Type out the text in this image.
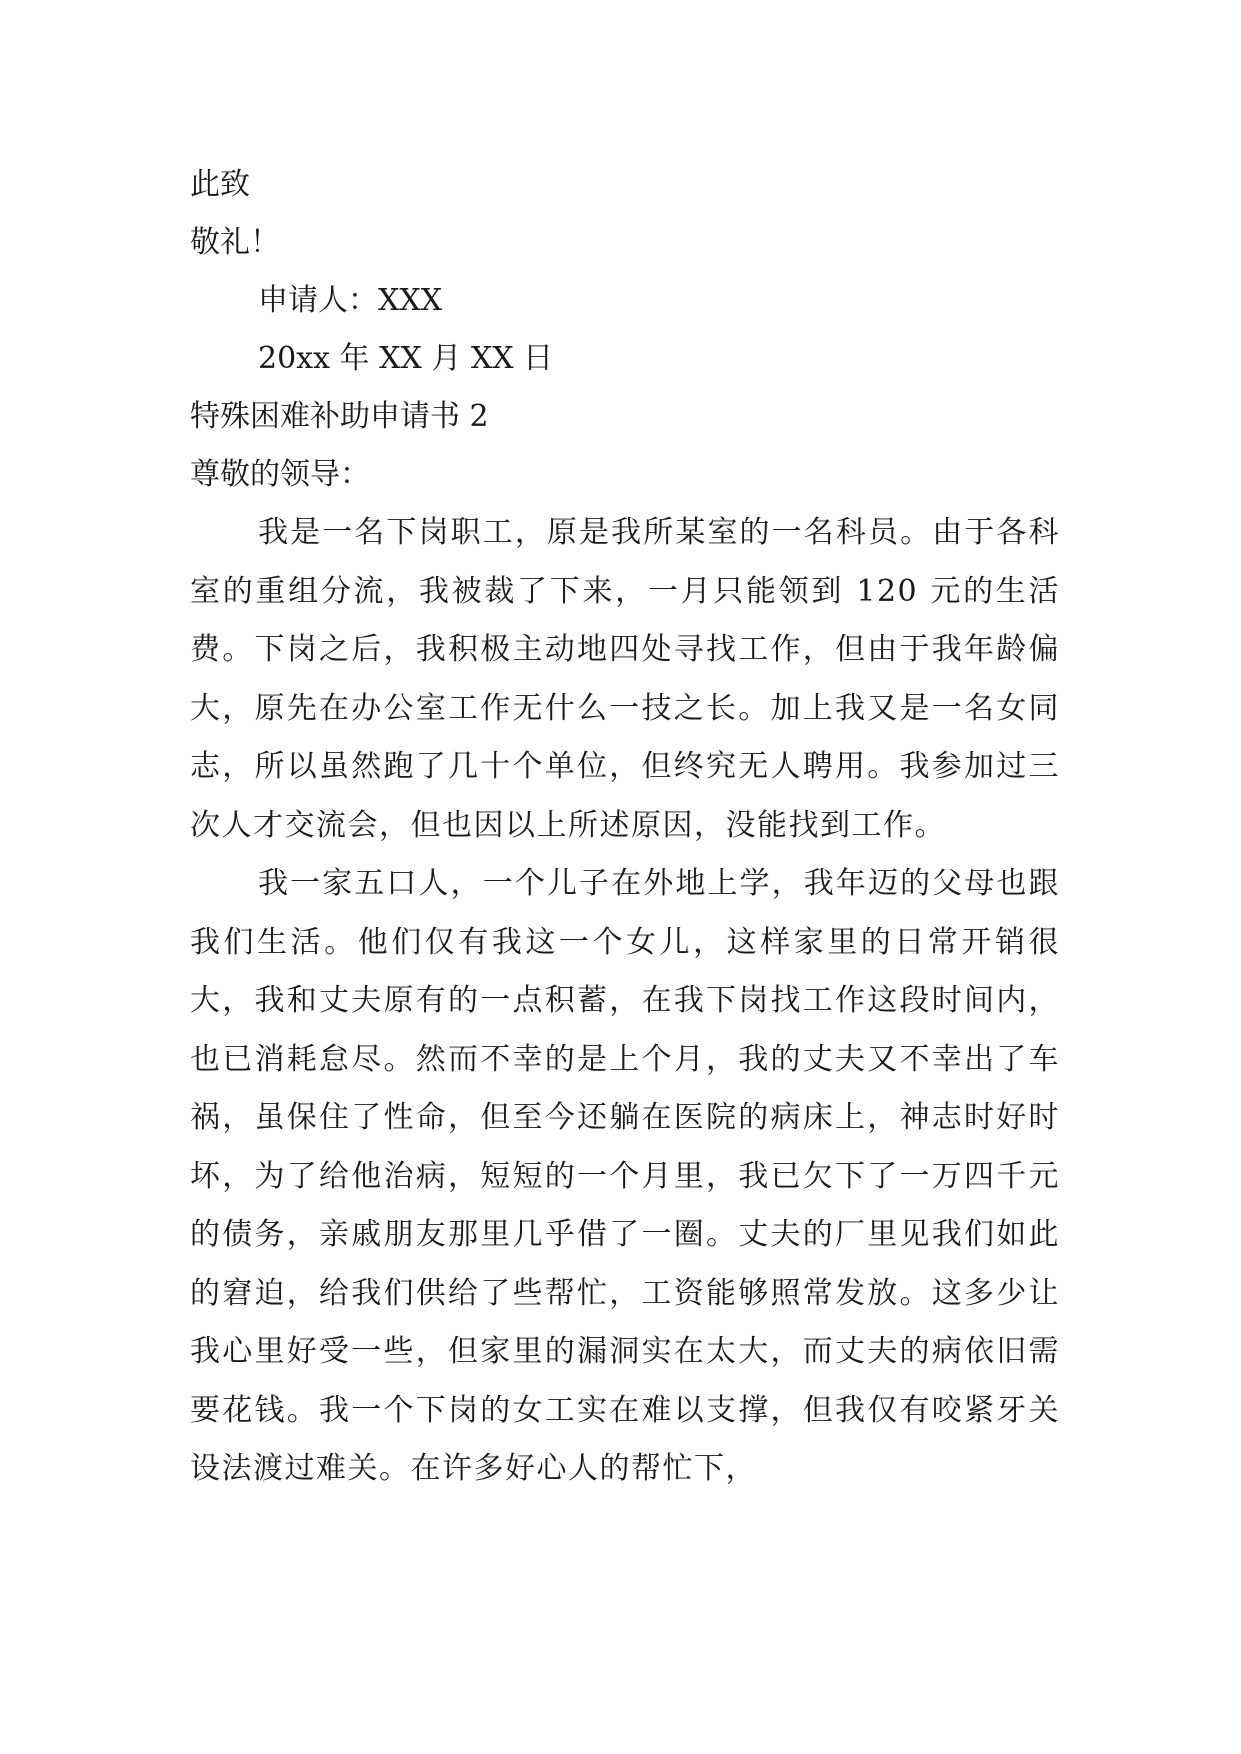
此致
敬礼！
申请人：XXX
20xx 年 XX 月 XX 日
特殊困难补助申请书 2
尊敬的领导：

我是一名下岗职工，原是我所某室的一名科员。由于各科室的重组分流，我被裁了下来，一月只能领到 120 元的生活费。下岗之后，我积极主动地四处寻找工作，但由于我年龄偏大，原先在办公室工作无什么一技之长。加上我又是一名女同志，所以虽然跑了几十个单位，但终究无人聘用。我参加过三次人才交流会，但也因以上所述原因，没能找到工作。

我一家五口人，一个儿子在外地上学，我年迈的父母也跟我们生活。他们仅有我这一个女儿，这样家里的日常开销很大，我和丈夫原有的一点积蓄，在我下岗找工作这段时间内，也已消耗怠尽。然而不幸的是上个月，我的丈夫又不幸出了车祸，虽保住了性命，但至今还躺在医院的病床上，神志时好时坏，为了给他治病，短短的一个月里，我已欠下了一万四千元的债务，亲戚朋友那里几乎借了一圈。丈夫的厂里见我们如此的窘迫，给我们供给了些帮忙，工资能够照常发放。这多少让我心里好受一些，但家里的漏洞实在太大，而丈夫的病依旧需要花钱。我一个下岗的女工实在难以支撑，但我仅有咬紧牙关设法渡过难关。在许多好心人的帮忙下，
